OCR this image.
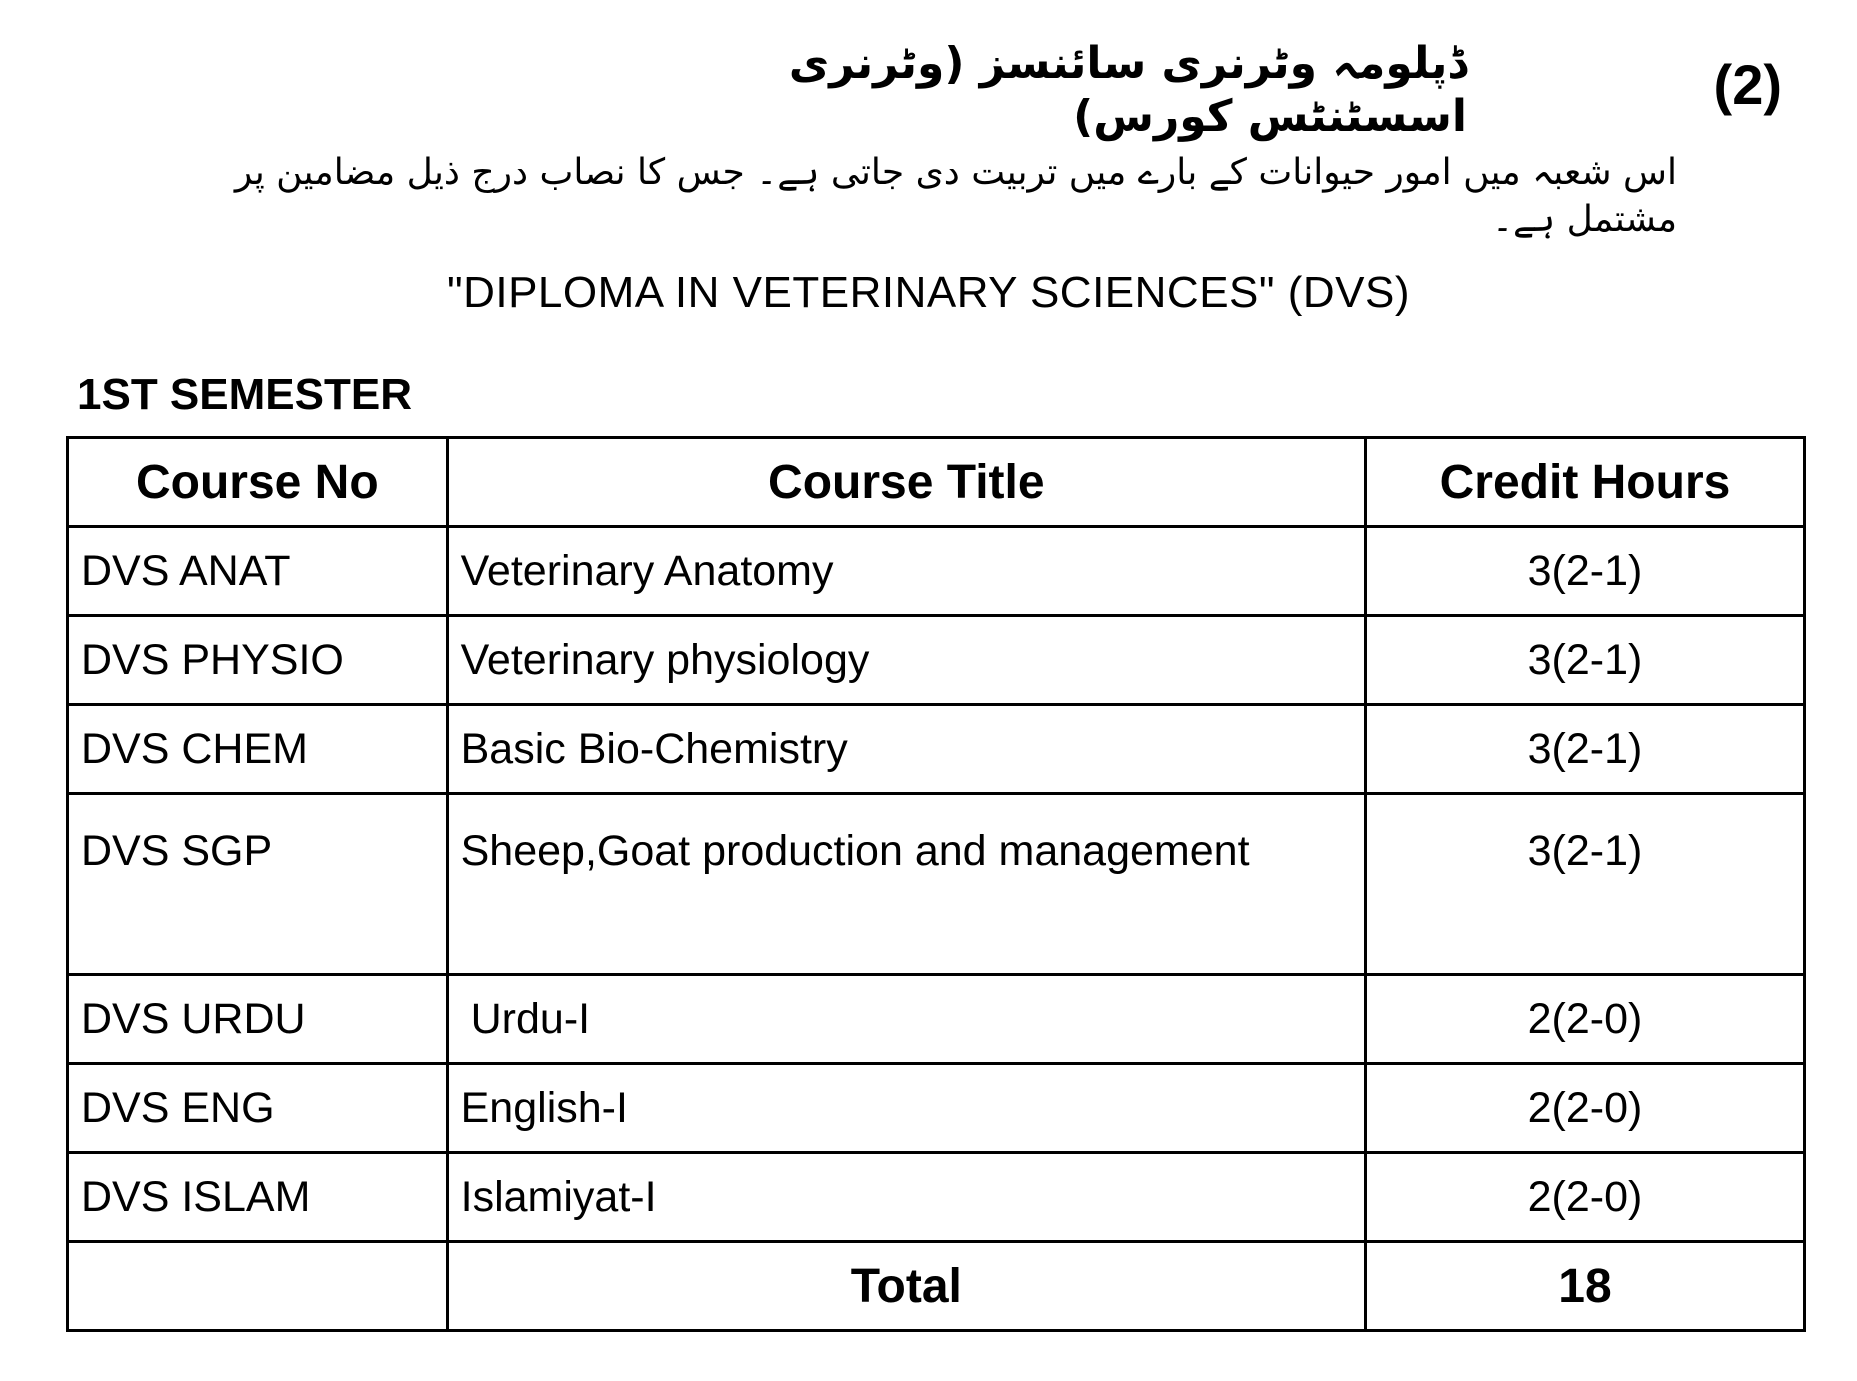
ڈپلومہ وٹرنری سائنسز (وٹرنری اسسٹنٹس کورس)
(2)
اس شعبہ میں امور حیوانات کے بارے میں تربیت دی جاتی ہے۔ جس کا نصاب درج ذیل مضامین پر مشتمل ہے۔
"DIPLOMA IN VETERINARY SCIENCES" (DVS)
1ST SEMESTER
Course No	Course Title	Credit Hours
DVS ANAT	Veterinary Anatomy	3(2-1)
DVS PHYSIO	Veterinary physiology	3(2-1)
DVS CHEM	Basic Bio-Chemistry	3(2-1)
DVS SGP	Sheep,Goat production and management	3(2-1)
DVS URDU	Urdu-I	2(2-0)
DVS ENG	English-I	2(2-0)
DVS ISLAM	Islamiyat-I	2(2-0)
	Total	18
